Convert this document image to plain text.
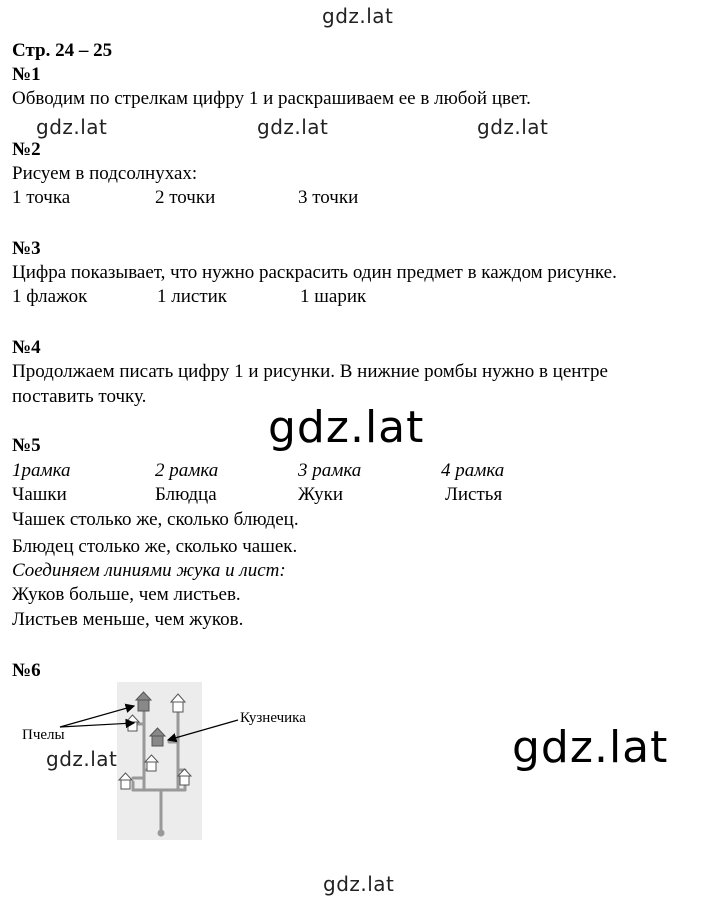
gdz.lat
gdz.lat	gdz.lat	gdz.lat
gdz.lat
gdz.lat	gdz.lat
gdz.lat
Стр. 24 – 25
№1
Обводим по стрелкам цифру 1 и раскрашиваем ее в любой цвет.
№2
Рисуем в подсолнухах:
1 точка	2 точки	3 точки
№3
Цифра показывает, что нужно раскрасить один предмет в каждом рисунке.
1 флажок	1 листик	1 шарик
№4
Продолжаем писать цифру 1 и рисунки. В нижние ромбы нужно в центре
поставить точку.
№5
1рамка	2 рамка	3 рамка	4 рамка
Чашки	Блюдца	Жуки	Листья
Чашек столько же, сколько блюдец.
Блюдец столько же, сколько чашек.
Соединяем линиями жука и лист:
Жуков больше, чем листьев.
Листьев меньше, чем жуков.
№6
Пчелы
Кузнечика
